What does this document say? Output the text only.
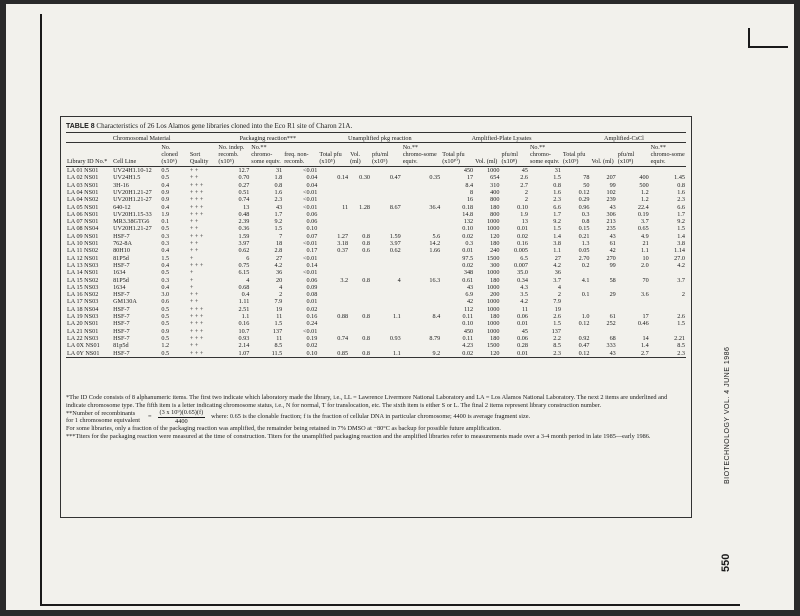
TABLE 8 Characteristics of 26 Los Alamos gene libraries cloned into the Eco R1 site of Charon 21A.
Chromosomal Material				Packaging reaction***			Unamplified pkg reaction				Amplified-Plate Lysates				Amplified-CsCl			
Library ID No.*	Cell Line	No. cloned (x10⁶)	Sort Quality	No. indep. recomb. (x10⁵)	No.** chromo-some equiv.	freq. non-recomb.	Total pfu (x10⁵)	Vol. (ml)	pfu/ml (x10⁵)	No.** chromo-some equiv.	Total pfu (x10¹⁰)	Vol. (ml)	pfu/ml (x10⁸)	No.** chromo-some equiv.	Total pfu (x10⁹)	Vol. (ml)	pfu/ml (x10⁸)	No.** chromo-some equiv.
LA 01 NS01	UV24H1.10-12	0.5	+ +	12.7	31	<0.01					450	1000	45	31				
LA 02 NS01	UV24H1.5	0.5	+ +	0.70	1.8	0.04	0.14	0.30	0.47	0.35	17	654	2.6	1.5	78	207	400	1.45
LA 03 NS01	3H-16	0.4	+ + +	0.27	0.8	0.04					8.4	310	2.7	0.8	50	99	500	0.8
LA 04 NS01	UV20H1.21-27	0.9	+ + +	0.51	1.6	<0.01					8	400	2	1.6	0.12	102	1.2	1.6
LA 04 NS02	UV20H1.21-27	0.9	+ + +	0.74	2.3	<0.01					16	800	2	2.3	0.29	239	1.2	2.3
LA 05 NS01	640-12	0.4	+ + +	13	43	<0.01	11	1.28	8.67	36.4	0.18	180	0.10	6.6	0.96	43	22.4	6.6
LA 06 NS01	UV20H1.15-33	1.9	+ + +	0.48	1.7	0.06					14.8	800	1.9	1.7	0.3	306	0.19	1.7
LA 07 NS01	MR3.38GTG6	0.1	+ +	2.39	9.2	0.06					132	1000	13	9.2	0.8	213	3.7	9.2
LA 08 NS04	UV20H1.21-27	0.5	+ +	0.36	1.5	0.10					0.10	1000	0.01	1.5	0.15	235	0.65	1.5
LA 09 NS01	HSF-7	0.3	+ + +	1.59	7	0.07	1.27	0.8	1.59	5.6	0.02	120	0.02	1.4	0.21	43	4.9	1.4
LA 10 NS01	762-8A	0.3	+ +	3.97	18	<0.01	3.18	0.8	3.97	14.2	0.3	180	0.16	3.8	1.3	61	21	3.8
LA 11 NS02	80H10	0.4	+ +	0.62	2.8	0.17	0.37	0.6	0.62	1.66	0.01	240	0.005	1.1	0.05	42	1.1	1.14
LA 12 NS01	81P5d	1.5	+	6	27	<0.01					97.5	1500	6.5	27	2.70	270	10	27.0
LA 13 NS03	HSF-7	0.4	+ + +	0.75	4.2	0.14					0.02	300	0.007	4.2	0.2	99	2.0	4.2
LA 14 NS01	1634	0.5	+	6.15	36	<0.01					348	1000	35.0	36				
LA 15 NS02	81P5d	0.3	+	4	20	0.06	3.2	0.8	4	16.3	0.61	180	0.34	3.7	4.1	58	70	3.7
LA 15 NS03	1634	0.4	+	0.68	4	0.09					43	1000	4.3	4				
LA 16 NS02	HSF-7	3.0	+ +	0.4	2	0.08					6.9	200	3.5	2	0.1	29	3.6	2
LA 17 NS03	GM130A	0.6	+ +	1.11	7.9	0.01					42	1000	4.2	7.9				
LA 18 NS04	HSF-7	0.5	+ + +	2.51	19	0.02					112	1000	11	19				
LA 19 NS03	HSF-7	0.5	+ + +	1.1	11	0.16	0.88	0.8	1.1	8.4	0.11	180	0.06	2.6	1.0	61	17	2.6
LA 20 NS01	HSF-7	0.5	+ + +	0.16	1.5	0.24					0.10	1000	0.01	1.5	0.12	252	0.46	1.5
LA 21 NS01	HSF-7	0.9	+ + +	10.7	137	<0.01					450	1000	45	137				
LA 22 NS03	HSF-7	0.5	+ + +	0.93	11	0.19	0.74	0.8	0.93	8.79	0.11	180	0.06	2.2	0.92	68	14	2.21
LA 0X NS01	81p5d	1.2	+ +	2.14	8.5	0.02					4.23	1500	0.28	8.5	0.47	333	1.4	8.5
LA 0Y NS01	HSF-7	0.5	+ + +	1.07	11.5	0.10	0.85	0.8	1.1	9.2	0.02	120	0.01	2.3	0.12	43	2.7	2.3

*The ID Code consists of 8 alphanumeric items. The first two indicate which laboratory made the library, i.e., LL = Lawrence Livermore National Laboratory and LA = Los Alamos National Laboratory. The next 2 items are underlined and indicate chromosome type. The fifth item is a letter indicating chromosome status, i.e., N for normal, T for translocation, etc. The sixth item is either S or L. The final 2 items represent library construction number.

**Number of recombinants
for 1 chromosome equivalent
= $\frac{\text{(3 x 10⁹)(0.65)(f)}}{4400}$ where: 0.65 is the clonable fraction; f is the fraction of cellular DNA in particular chromosome; 4400 is average fragment size.

For some libraries, only a fraction of the packaging reaction was amplified, the remainder being retained in 7% DMSO at −80°C as backup for possible future amplification.

***Titers for the packaging reaction were measured at the time of construction. Titers for the unamplified packaging reaction and the amplified libraries refer to measurements made over a 3-4 month period in late 1985—early 1986.	BIOTECHNOLOGY VOL. 4 JUNE 1986
550
